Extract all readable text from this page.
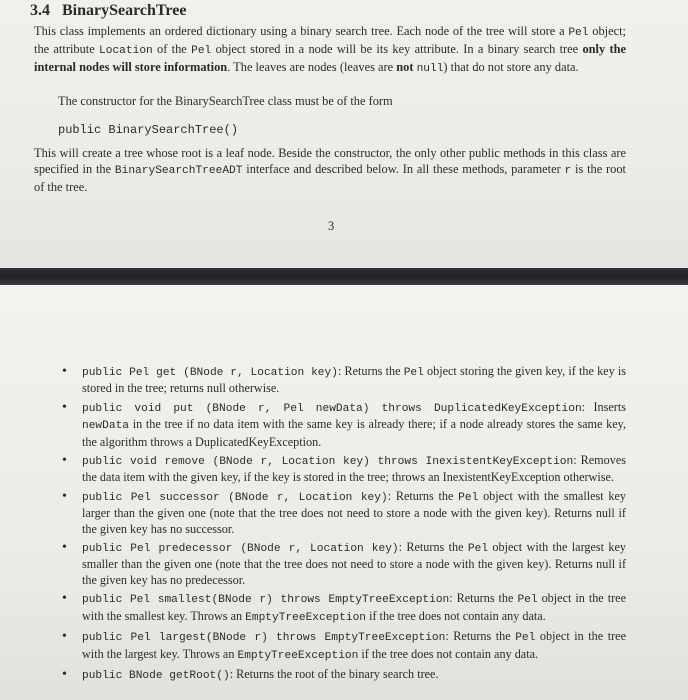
3.4 BinarySearchTree
This class implements an ordered dictionary using a binary search tree. Each node of the tree will store a Pel object; the attribute Location of the Pel object stored in a node will be its key attribute. In a binary search tree only the internal nodes will store information. The leaves are nodes (leaves are not null) that do not store any data.
The constructor for the BinarySearchTree class must be of the form
public BinarySearchTree()
This will create a tree whose root is a leaf node. Beside the constructor, the only other public methods in this class are specified in the BinarySearchTreeADT interface and described below. In all these methods, parameter r is the root of the tree.
3
• public Pel get (BNode r, Location key): Returns the Pel object storing the given key, if the key is stored in the tree; returns null otherwise.
• public void put (BNode r, Pel newData) throws DuplicatedKeyException: Inserts newData in the tree if no data item with the same key is already there; if a node already stores the same key, the algorithm throws a DuplicatedKeyException.
• public void remove (BNode r, Location key) throws InexistentKeyException: Removes the data item with the given key, if the key is stored in the tree; throws an InexistentKeyException otherwise.
• public Pel successor (BNode r, Location key): Returns the Pel object with the smallest key larger than the given one (note that the tree does not need to store a node with the given key). Returns null if the given key has no successor.
• public Pel predecessor (BNode r, Location key): Returns the Pel object with the largest key smaller than the given one (note that the tree does not need to store a node with the given key). Returns null if the given key has no predecessor.
• public Pel smallest(BNode r) throws EmptyTreeException: Returns the Pel object in the tree with the smallest key. Throws an EmptyTreeException if the tree does not contain any data.
• public Pel largest(BNode r) throws EmptyTreeException: Returns the Pel object in the tree with the largest key. Throws an EmptyTreeException if the tree does not contain any data.
• public BNode getRoot(): Returns the root of the binary search tree.
